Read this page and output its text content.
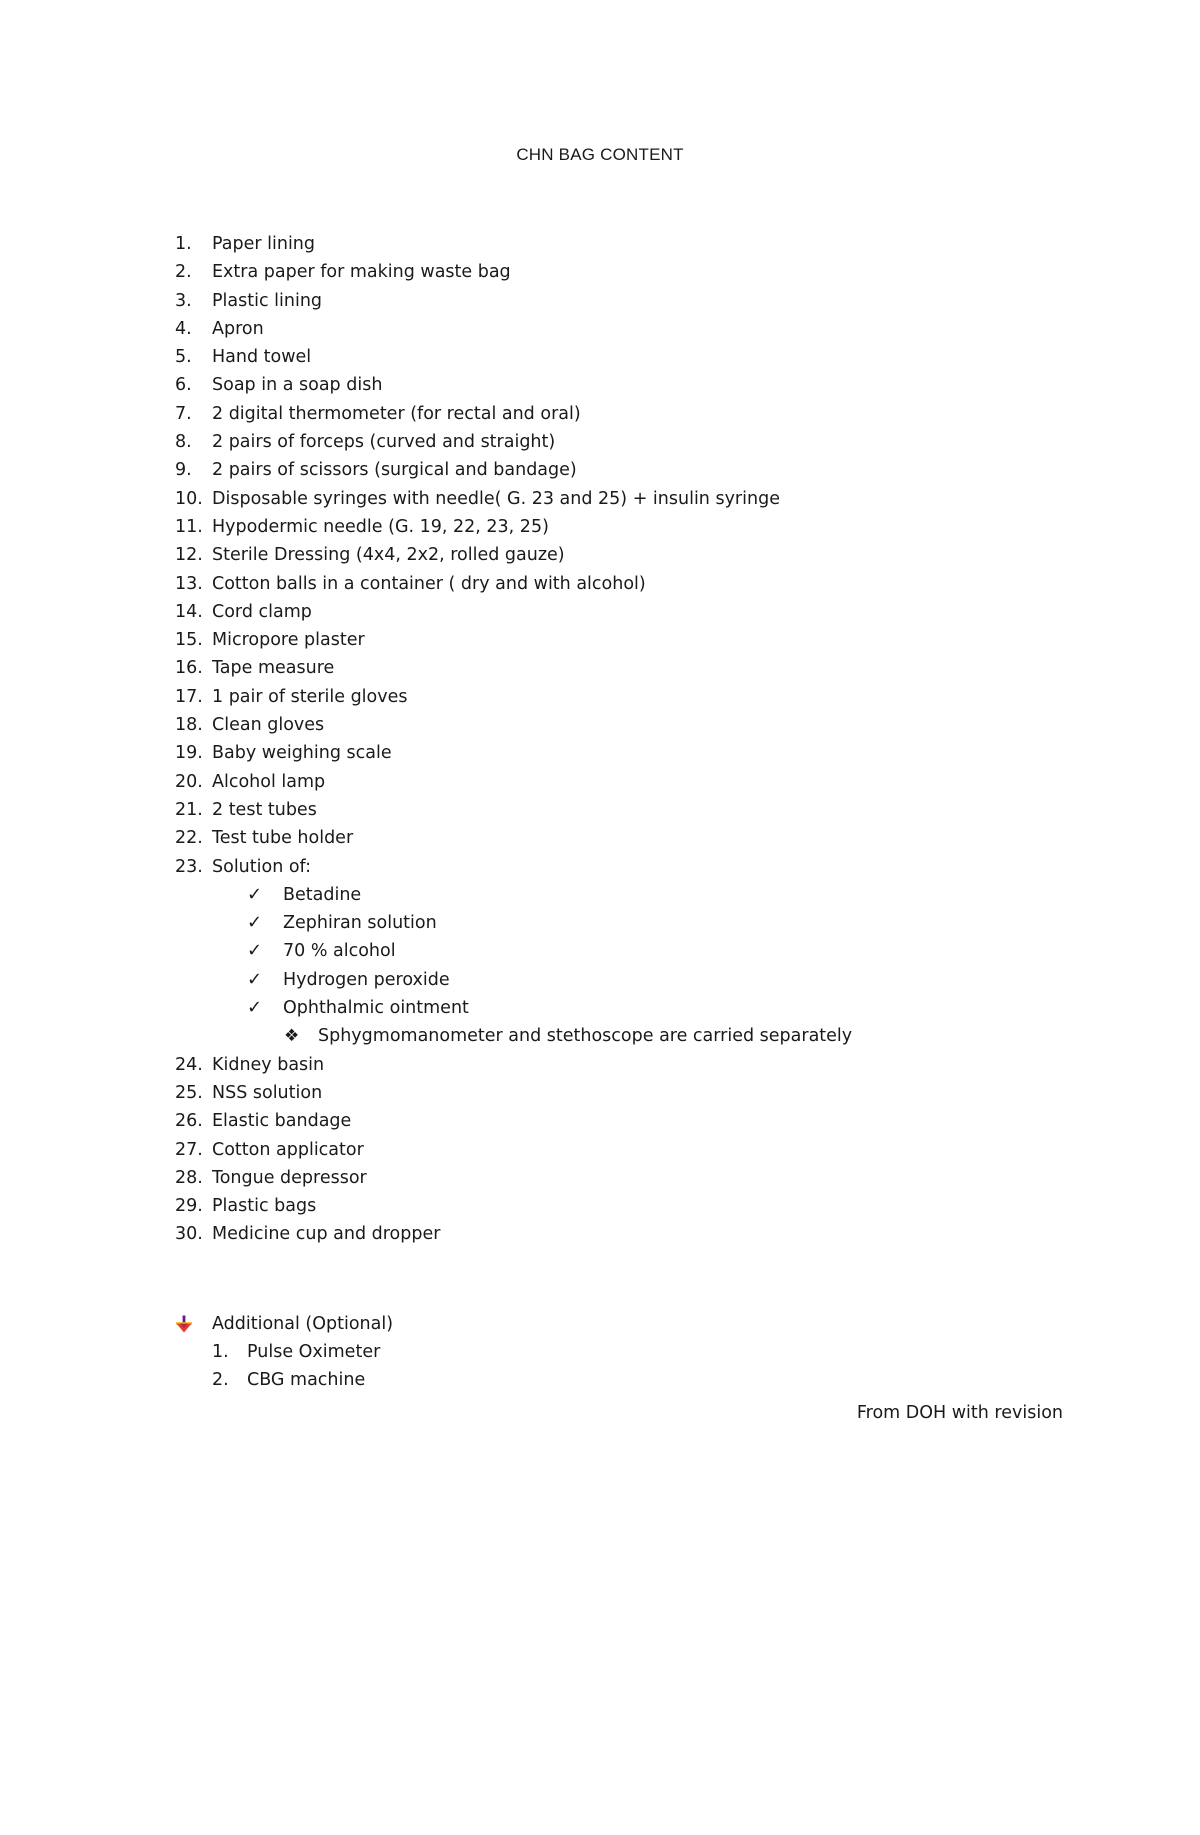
CHN BAG CONTENT
1. Paper lining
2. Extra paper for making waste bag
3. Plastic lining
4. Apron
5. Hand towel
6. Soap in a soap dish
7. 2 digital thermometer (for rectal and oral)
8. 2 pairs of forceps (curved and straight)
9. 2 pairs of scissors (surgical and bandage)
10. Disposable syringes with needle( G. 23 and 25) + insulin syringe
11. Hypodermic needle (G. 19, 22, 23, 25)
12. Sterile Dressing (4x4, 2x2, rolled gauze)
13. Cotton balls in a container ( dry and with alcohol)
14. Cord clamp
15. Micropore plaster
16. Tape measure
17. 1 pair of sterile gloves
18. Clean gloves
19. Baby weighing scale
20. Alcohol lamp
21. 2 test tubes
22. Test tube holder
23. Solution of:
✓ Betadine
✓ Zephiran solution
✓ 70 % alcohol
✓ Hydrogen peroxide
✓ Ophthalmic ointment
❖ Sphygmomanometer and stethoscope are carried separately
24. Kidney basin
25. NSS solution
26. Elastic bandage
27. Cotton applicator
28. Tongue depressor
29. Plastic bags
30. Medicine cup and dropper
Additional (Optional)
1. Pulse Oximeter
2. CBG machine
From DOH with revision
